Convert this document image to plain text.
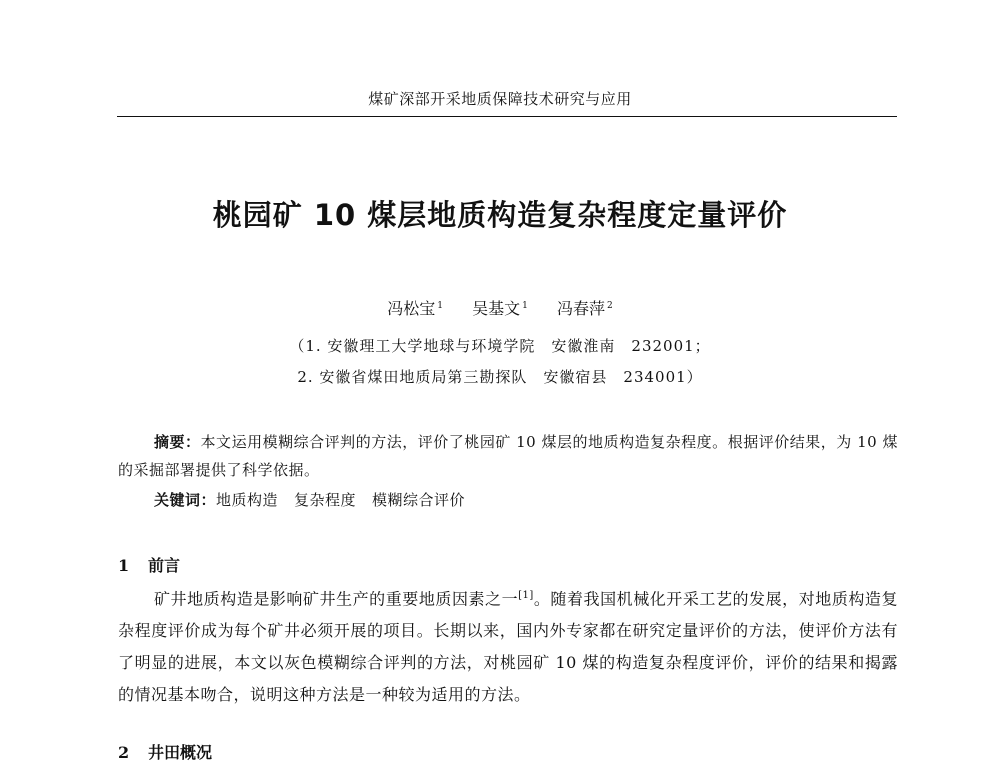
煤矿深部开采地质保障技术研究与应用
桃园矿 10 煤层地质构造复杂程度定量评价
冯松宝 $^1$ 吴基文 $^1$ 冯春萍 $^2$
（1. 安徽理工大学地球与环境学院　安徽淮南　232001；
2. 安徽省煤田地质局第三勘探队　安徽宿县　234001）
摘要：本文运用模糊综合评判的方法，评价了桃园矿 10 煤层的地质构造复杂程度。根据评价结果，为 10 煤的采掘部署提供了科学依据。
关键词：地质构造 复杂程度 模糊综合评价
1 前言
矿井地质构造是影响矿井生产的重要地质因素之一[1]。随着我国机械化开采工艺的发展，对地质构造复杂程度评价成为每个矿井必须开展的项目。长期以来，国内外专家都在研究定量评价的方法，使评价方法有了明显的进展，本文以灰色模糊综合评判的方法，对桃园矿 10 煤的构造复杂程度评价，评价的结果和揭露的情况基本吻合，说明这种方法是一种较为适用的方法。
2 井田概况
